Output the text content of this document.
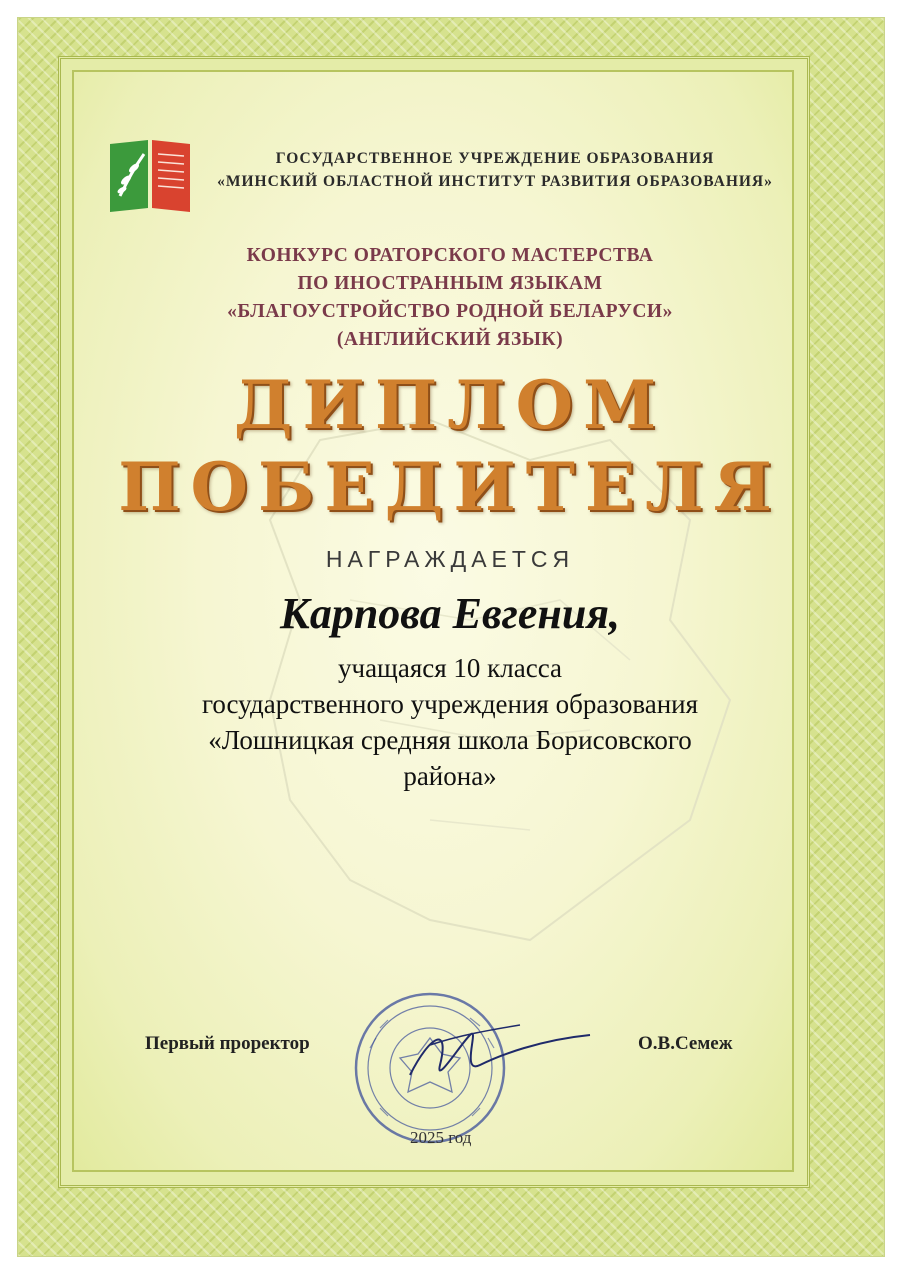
ГОСУДАРСТВЕННОЕ УЧРЕЖДЕНИЕ ОБРАЗОВАНИЯ
«МИНСКИЙ ОБЛАСТНОЙ ИНСТИТУТ РАЗВИТИЯ ОБРАЗОВАНИЯ»
КОНКУРС ОРАТОРСКОГО МАСТЕРСТВА
ПО ИНОСТРАННЫМ ЯЗЫКАМ
«БЛАГОУСТРОЙСТВО РОДНОЙ БЕЛАРУСИ»
(АНГЛИЙСКИЙ ЯЗЫК)
ДИПЛОМ
ПОБЕДИТЕЛЯ
НАГРАЖДАЕТСЯ
Карпова Евгения,
учащаяся 10 класса
государственного учреждения образования
«Лошницкая средняя школа Борисовского
района»
Первый проректор	О.В.Семеж
2025 год
